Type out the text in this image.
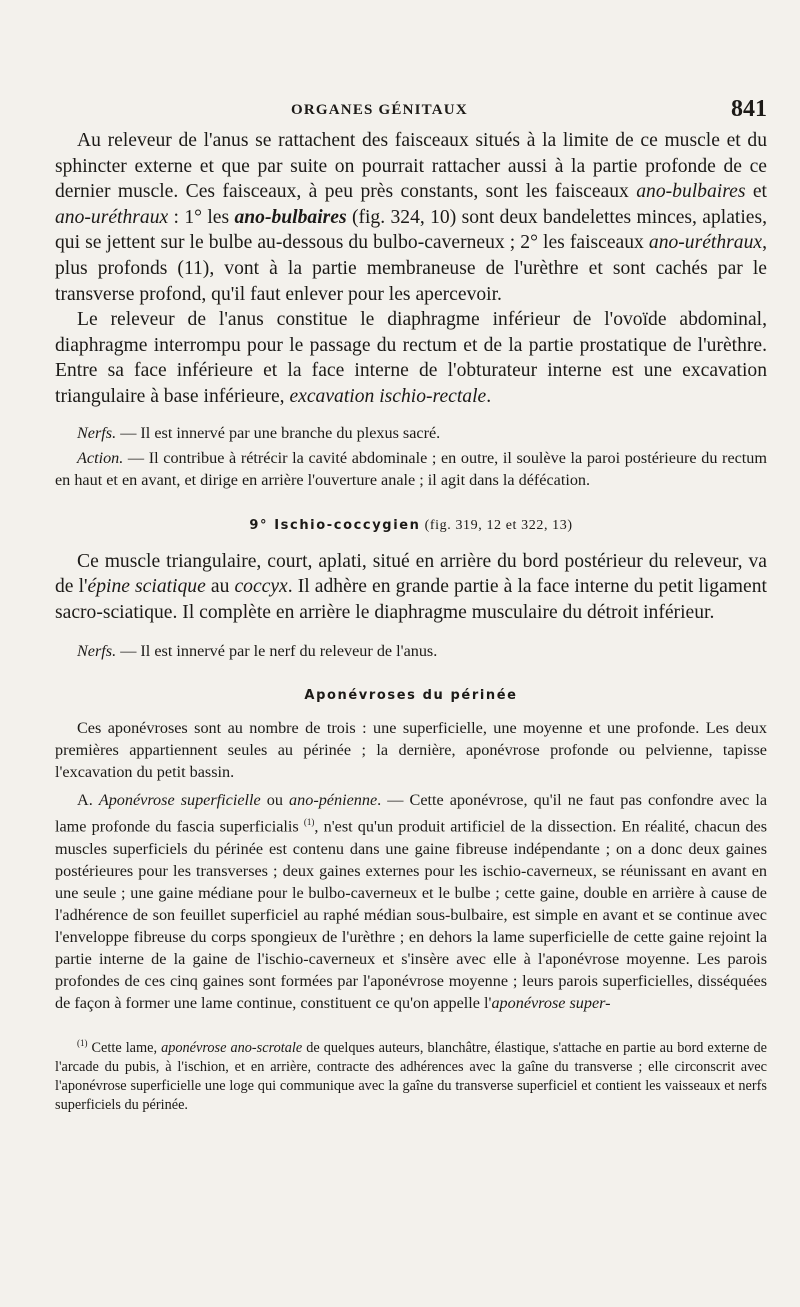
ORGANES GÉNITAUX	841

Au releveur de l'anus se rattachent des faisceaux situés à la limite de ce muscle et du sphincter externe et que par suite on pourrait rattacher aussi à la partie profonde de ce dernier muscle. Ces faisceaux, à peu près constants, sont les faisceaux ano-bulbaires et ano-uréthraux : 1° les ano-bulbaires (fig. 324, 10) sont deux bandelettes minces, aplaties, qui se jettent sur le bulbe au-dessous du bulbo-caverneux ; 2° les faisceaux ano-uréthraux, plus profonds (11), vont à la partie membraneuse de l'urèthre et sont cachés par le transverse profond, qu'il faut enlever pour les apercevoir.

Le releveur de l'anus constitue le diaphragme inférieur de l'ovoïde abdominal, diaphragme interrompu pour le passage du rectum et de la partie prostatique de l'urèthre. Entre sa face inférieure et la face interne de l'obturateur interne est une excavation triangulaire à base inférieure, excavation ischio-rectale.

Nerfs. — Il est innervé par une branche du plexus sacré.

Action. — Il contribue à rétrécir la cavité abdominale ; en outre, il soulève la paroi postérieure du rectum en haut et en avant, et dirige en arrière l'ouverture anale ; il agit dans la défécation.

9° Ischio-coccygien (fig. 319, 12 et 322, 13)

Ce muscle triangulaire, court, aplati, situé en arrière du bord postérieur du releveur, va de l'épine sciatique au coccyx. Il adhère en grande partie à la face interne du petit ligament sacro-sciatique. Il complète en arrière le diaphragme musculaire du détroit inférieur.

Nerfs. — Il est innervé par le nerf du releveur de l'anus.

Aponévroses du périnée

Ces aponévroses sont au nombre de trois : une superficielle, une moyenne et une profonde. Les deux premières appartiennent seules au périnée ; la dernière, aponévrose profonde ou pelvienne, tapisse l'excavation du petit bassin.

A. Aponévrose superficielle ou ano-pénienne. — Cette aponévrose, qu'il ne faut pas confondre avec la lame profonde du fascia superficialis $^{(1)}$, n'est qu'un produit artificiel de la dissection. En réalité, chacun des muscles superficiels du périnée est contenu dans une gaine fibreuse indépendante ; on a donc deux gaines postérieures pour les transverses ; deux gaines externes pour les ischio-caverneux, se réunissant en avant en une seule ; une gaine médiane pour le bulbo-caverneux et le bulbe ; cette gaine, double en arrière à cause de l'adhérence de son feuillet superficiel au raphé médian sous-bulbaire, est simple en avant et se continue avec l'enveloppe fibreuse du corps spongieux de l'urèthre ; en dehors la lame superficielle de cette gaine rejoint la partie interne de la gaine de l'ischio-caverneux et s'insère avec elle à l'aponévrose moyenne. Les parois profondes de ces cinq gaines sont formées par l'aponévrose moyenne ; leurs parois superficielles, disséquées de façon à former une lame continue, constituent ce qu'on appelle l'aponévrose super-

$^{(1)}$ Cette lame, aponévrose ano-scrotale de quelques auteurs, blanchâtre, élastique, s'attache en partie au bord externe de l'arcade du pubis, à l'ischion, et en arrière, contracte des adhérences avec la gaîne du transverse ; elle circonscrit avec l'aponévrose superficielle une loge qui communique avec la gaîne du transverse superficiel et contient les vaisseaux et nerfs superficiels du périnée.
